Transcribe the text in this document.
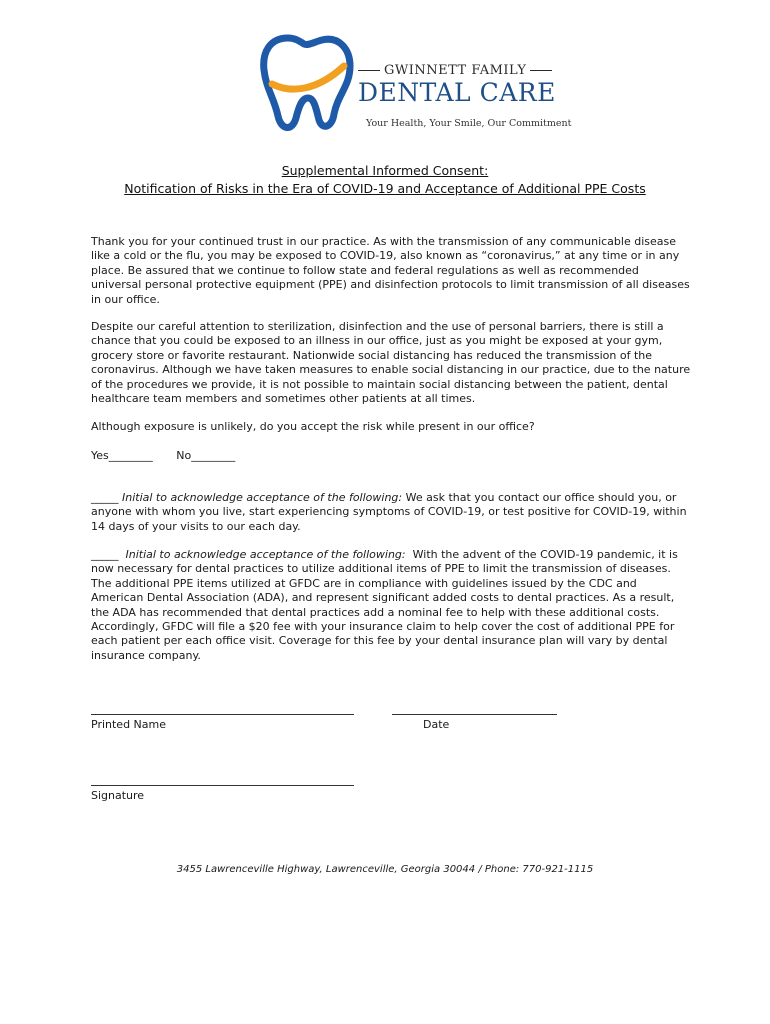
GWINNETT FAMILY
DENTAL CARE
Your Health, Your Smile, Our Commitment
Supplemental Informed Consent:
Notification of Risks in the Era of COVID-19 and Acceptance of Additional PPE Costs

Thank you for your continued trust in our practice. As with the transmission of any communicable disease like a cold or the flu, you may be exposed to COVID-19, also known as “coronavirus,” at any time or in any place. Be assured that we continue to follow state and federal regulations as well as recommended universal personal protective equipment (PPE) and disinfection protocols to limit transmission of all diseases in our office.

Despite our careful attention to sterilization, disinfection and the use of personal barriers, there is still a chance that you could be exposed to an illness in our office, just as you might be exposed at your gym, grocery store or favorite restaurant. Nationwide social distancing has reduced the transmission of the coronavirus. Although we have taken measures to enable social distancing in our practice, due to the nature of the procedures we provide, it is not possible to maintain social distancing between the patient, dental healthcare team members and sometimes other patients at all times.

Although exposure is unlikely, do you accept the risk while present in our office?

Yes________ No________

_____ Initial to acknowledge acceptance of the following: We ask that you contact our office should you, or anyone with whom you live, start experiencing symptoms of COVID-19, or test positive for COVID-19, within 14 days of your visits to our each day.

_____ Initial to acknowledge acceptance of the following: With the advent of the COVID-19 pandemic, it is now necessary for dental practices to utilize additional items of PPE to limit the transmission of diseases. The additional PPE items utilized at GFDC are in compliance with guidelines issued by the CDC and American Dental Association (ADA), and represent significant added costs to dental practices. As a result, the ADA has recommended that dental practices add a nominal fee to help with these additional costs. Accordingly, GFDC will file a $20 fee with your insurance claim to help cover the cost of additional PPE for each patient per each office visit. Coverage for this fee by your dental insurance plan will vary by dental insurance company.

Printed Name	Date
Signature
3455 Lawrenceville Highway, Lawrenceville, Georgia 30044 / Phone: 770-921-1115
